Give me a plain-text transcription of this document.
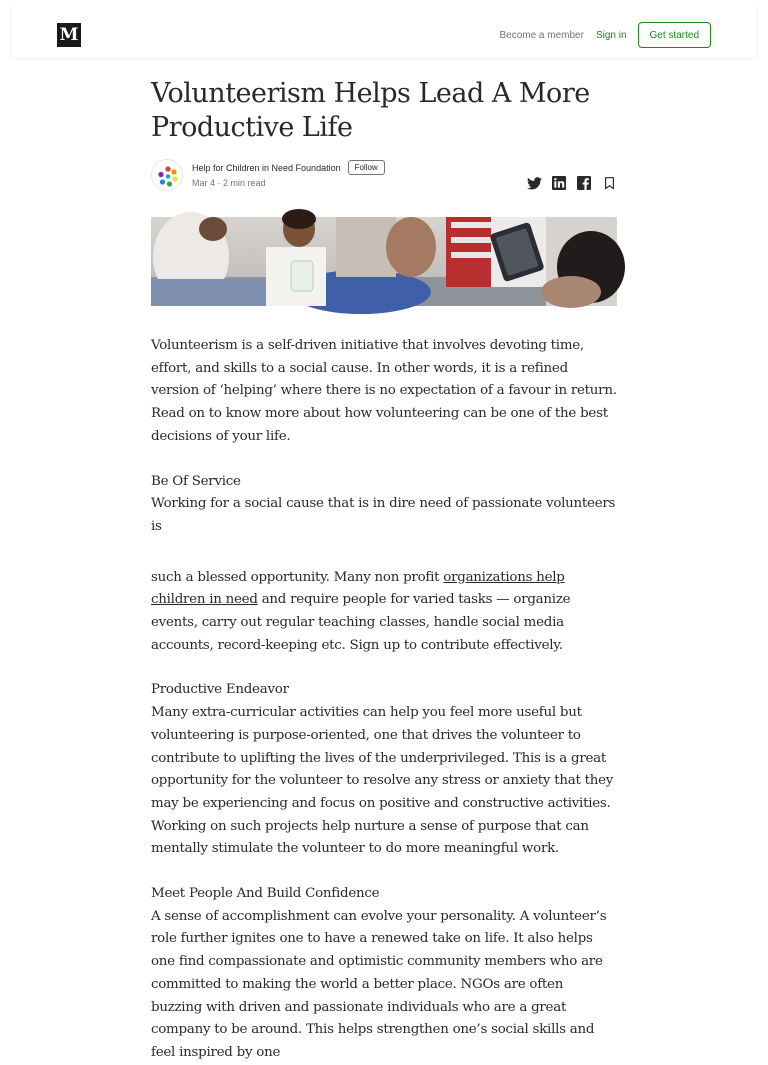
M	Become a member Sign in	Get started
Volunteerism Helps Lead A More Productive Life
Help for Children in Need Foundation	Follow
Mar 4 · 2 min read

Volunteerism is a self-driven initiative that involves devoting time, effort, and skills to a social cause. In other words, it is a refined version of ‘helping’ where there is no expectation of a favour in return. Read on to know more about how volunteering can be one of the best decisions of your life.

Be Of Service

Working for a social cause that is in dire need of passionate volunteers is

such a blessed opportunity. Many non profit organizations help children in need and require people for varied tasks — organize events, carry out regular teaching classes, handle social media accounts, record-keeping etc. Sign up to contribute effectively.

Productive Endeavor

Many extra-curricular activities can help you feel more useful but volunteering is purpose-oriented, one that drives the volunteer to contribute to uplifting the lives of the underprivileged. This is a great opportunity for the volunteer to resolve any stress or anxiety that they may be experiencing and focus on positive and constructive activities. Working on such projects help nurture a sense of purpose that can mentally stimulate the volunteer to do more meaningful work.

Meet People And Build Confidence

A sense of accomplishment can evolve your personality. A volunteer’s role further ignites one to have a renewed take on life. It also helps one find compassionate and optimistic community members who are committed to making the world a better place. NGOs are often buzzing with driven and passionate individuals who are a great company to be around. This helps strengthen one’s social skills and feel inspired by one
